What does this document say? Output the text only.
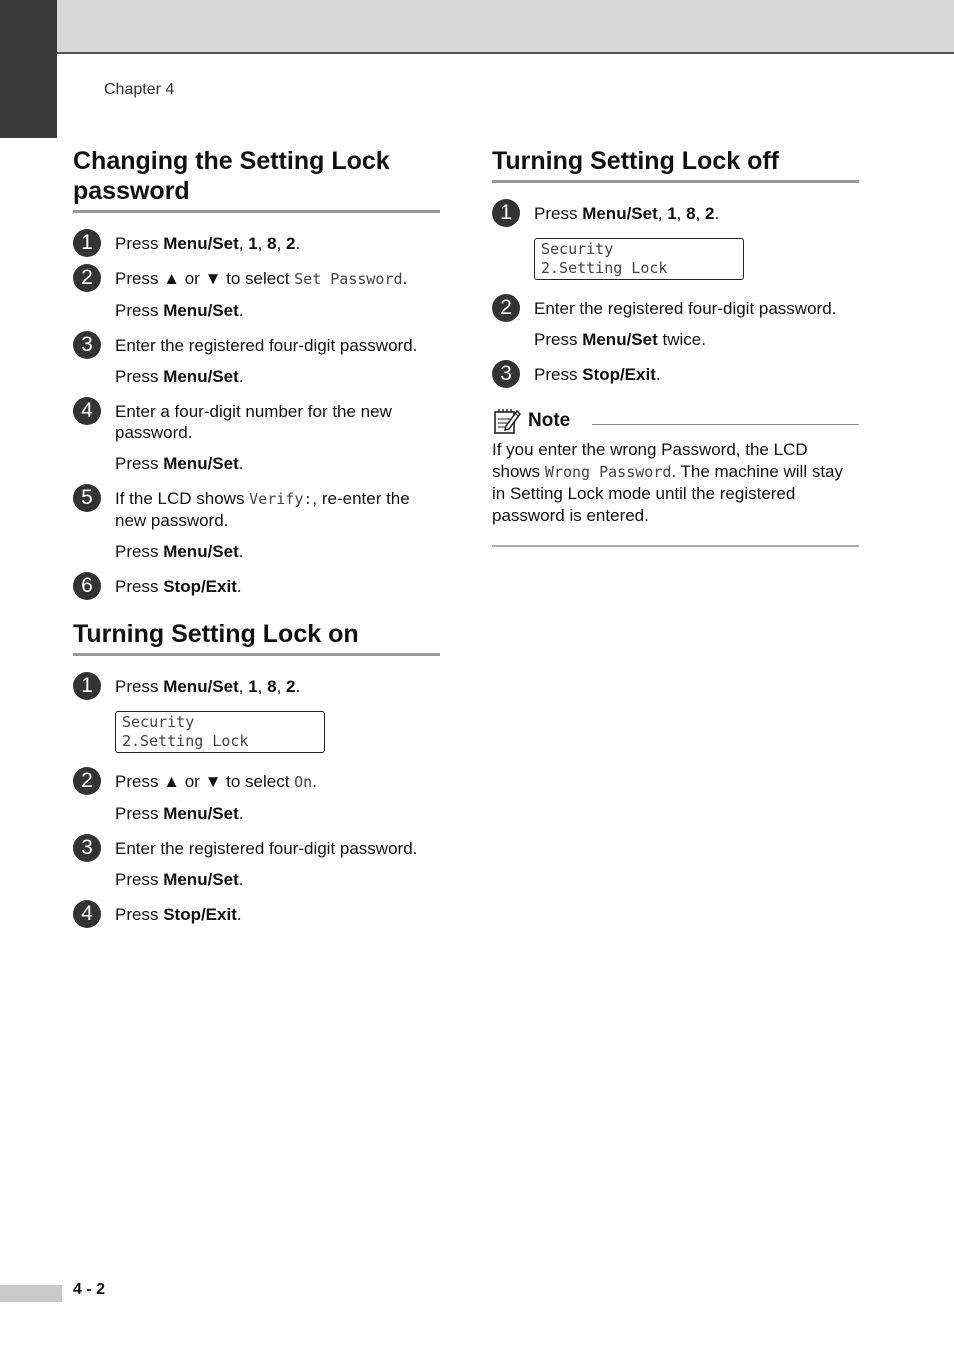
Chapter 4
Changing the Setting Lock password
1	Press Menu/Set, 1, 8, 2.

2	Press ▲ or ▼ to select Set Password.

Press Menu/Set.

3	Enter the registered four-digit password.

Press Menu/Set.

4	Enter a four-digit number for the new password.

Press Menu/Set.

5	If the LCD shows Verify:, re-enter the new password.

Press Menu/Set.

6	Press Stop/Exit.

Turning Setting Lock on
1	Press Menu/Set, 1, 8, 2.

Security
2.Setting Lock
2	Press ▲ or ▼ to select On.

Press Menu/Set.

3	Enter the registered four-digit password.

Press Menu/Set.

4	Press Stop/Exit.

Turning Setting Lock off
1	Press Menu/Set, 1, 8, 2.

Security
2.Setting Lock
2	Enter the registered four-digit password.

Press Menu/Set twice.

3	Press Stop/Exit.

Note

If you enter the wrong Password, the LCD shows Wrong Password. The machine will stay in Setting Lock mode until the registered password is entered.

4 - 2
